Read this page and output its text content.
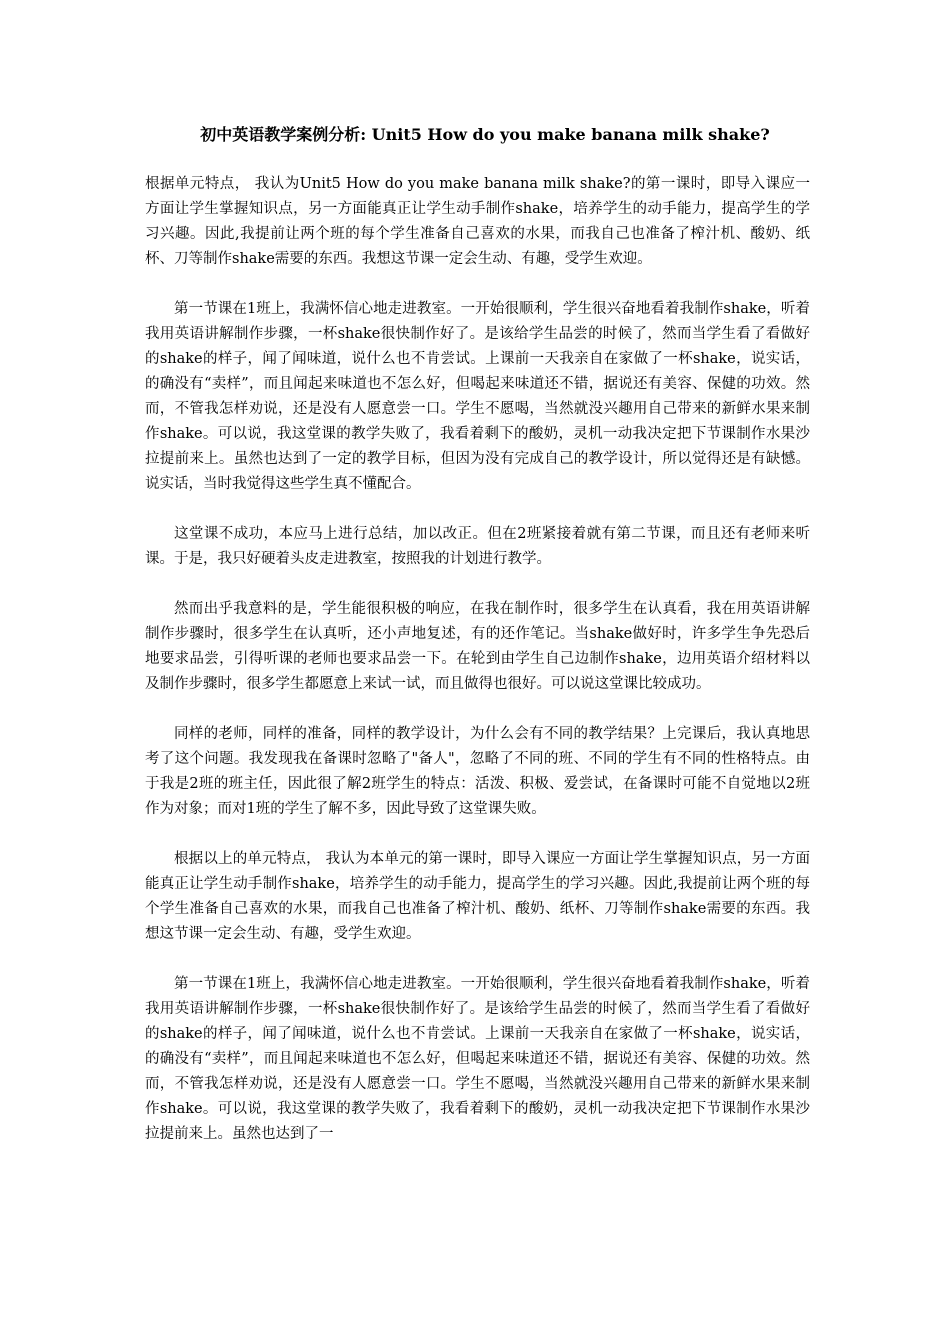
初中英语教学案例分析: Unit5 How do you make banana milk shake?

根据单元特点， 我认为Unit5 How do you make banana milk shake?的第一课时，即导入课应一方面让学生掌握知识点，另一方面能真正让学生动手制作shake，培养学生的动手能力，提高学生的学习兴趣。因此,我提前让两个班的每个学生准备自己喜欢的水果，而我自己也准备了榨汁机、酸奶、纸杯、刀等制作shake需要的东西。我想这节课一定会生动、有趣，受学生欢迎。

第一节课在1班上，我满怀信心地走进教室。一开始很顺利，学生很兴奋地看着我制作shake，听着我用英语讲解制作步骤，一杯shake很快制作好了。是该给学生品尝的时候了，然而当学生看了看做好的shake的样子，闻了闻味道，说什么也不肯尝试。上课前一天我亲自在家做了一杯shake，说实话，的确没有“卖样”，而且闻起来味道也不怎么好，但喝起来味道还不错，据说还有美容、保健的功效。然而，不管我怎样劝说，还是没有人愿意尝一口。学生不愿喝，当然就没兴趣用自己带来的新鲜水果来制作shake。可以说，我这堂课的教学失败了，我看着剩下的酸奶，灵机一动我决定把下节课制作水果沙拉提前来上。虽然也达到了一定的教学目标，但因为没有完成自己的教学设计，所以觉得还是有缺憾。说实话，当时我觉得这些学生真不懂配合。

这堂课不成功，本应马上进行总结，加以改正。但在2班紧接着就有第二节课，而且还有老师来听课。于是，我只好硬着头皮走进教室，按照我的计划进行教学。

然而出乎我意料的是，学生能很积极的响应，在我在制作时，很多学生在认真看，我在用英语讲解制作步骤时，很多学生在认真听，还小声地复述，有的还作笔记。当shake做好时，许多学生争先恐后地要求品尝，引得听课的老师也要求品尝一下。在轮到由学生自己边制作shake，边用英语介绍材料以及制作步骤时，很多学生都愿意上来试一试，而且做得也很好。可以说这堂课比较成功。

同样的老师，同样的准备，同样的教学设计，为什么会有不同的教学结果？上完课后，我认真地思考了这个问题。我发现我在备课时忽略了"备人"，忽略了不同的班、不同的学生有不同的性格特点。由于我是2班的班主任，因此很了解2班学生的特点：活泼、积极、爱尝试，在备课时可能不自觉地以2班作为对象；而对1班的学生了解不多，因此导致了这堂课失败。

根据以上的单元特点， 我认为本单元的第一课时，即导入课应一方面让学生掌握知识点，另一方面能真正让学生动手制作shake，培养学生的动手能力，提高学生的学习兴趣。因此,我提前让两个班的每个学生准备自己喜欢的水果，而我自己也准备了榨汁机、酸奶、纸杯、刀等制作shake需要的东西。我想这节课一定会生动、有趣，受学生欢迎。

第一节课在1班上，我满怀信心地走进教室。一开始很顺利，学生很兴奋地看着我制作shake，听着我用英语讲解制作步骤，一杯shake很快制作好了。是该给学生品尝的时候了，然而当学生看了看做好的shake的样子，闻了闻味道，说什么也不肯尝试。上课前一天我亲自在家做了一杯shake，说实话，的确没有“卖样”，而且闻起来味道也不怎么好，但喝起来味道还不错，据说还有美容、保健的功效。然而，不管我怎样劝说，还是没有人愿意尝一口。学生不愿喝，当然就没兴趣用自己带来的新鲜水果来制作shake。可以说，我这堂课的教学失败了，我看着剩下的酸奶，灵机一动我决定把下节课制作水果沙拉提前来上。虽然也达到了一
